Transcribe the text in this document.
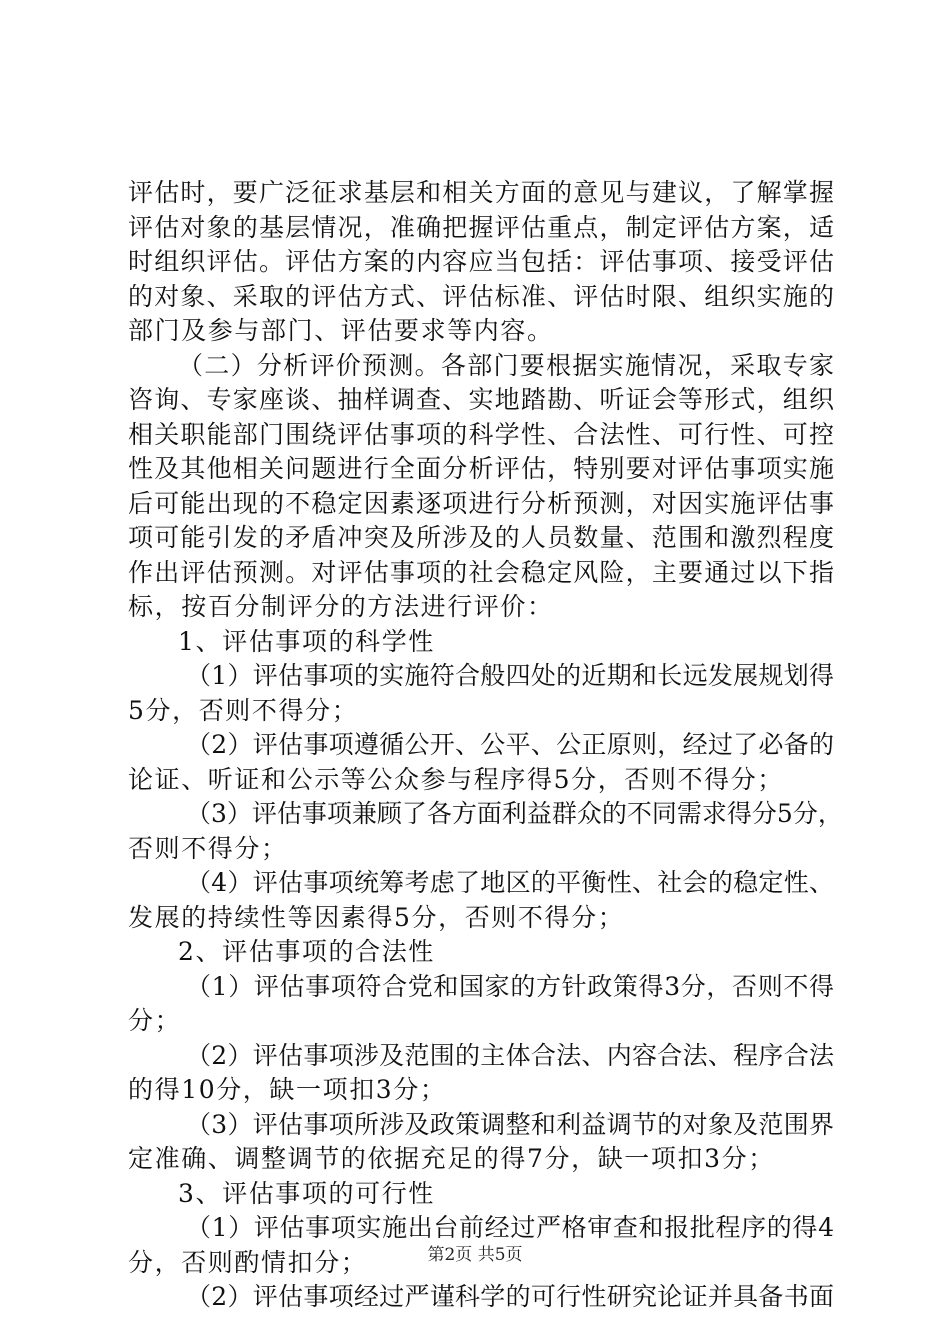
评估时，要广泛征求基层和相关方面的意见与建议，了解掌握
评估对象的基层情况，准确把握评估重点，制定评估方案，适
时组织评估。评估方案的内容应当包括：评估事项、接受评估
的对象、采取的评估方式、评估标准、评估时限、组织实施的
部门及参与部门、评估要求等内容。
（二）分析评价预测。各部门要根据实施情况，采取专家
咨询、专家座谈、抽样调查、实地踏勘、听证会等形式，组织
相关职能部门围绕评估事项的科学性、合法性、可行性、可控
性及其他相关问题进行全面分析评估，特别要对评估事项实施
后可能出现的不稳定因素逐项进行分析预测，对因实施评估事
项可能引发的矛盾冲突及所涉及的人员数量、范围和激烈程度
作出评估预测。对评估事项的社会稳定风险，主要通过以下指
标，按百分制评分的方法进行评价：
1、评估事项的科学性
（1）评估事项的实施符合般四处的近期和长远发展规划得
5分，否则不得分；
（2）评估事项遵循公开、公平、公正原则，经过了必备的
论证、听证和公示等公众参与程序得5分，否则不得分；
（3）评估事项兼顾了各方面利益群众的不同需求得分5分，
否则不得分；
（4）评估事项统筹考虑了地区的平衡性、社会的稳定性、
发展的持续性等因素得5分，否则不得分；
2、评估事项的合法性
（1）评估事项符合党和国家的方针政策得3分，否则不得
分；
（2）评估事项涉及范围的主体合法、内容合法、程序合法
的得10分，缺一项扣3分；
（3）评估事项所涉及政策调整和利益调节的对象及范围界
定准确、调整调节的依据充足的得7分，缺一项扣3分；
3、评估事项的可行性
（1）评估事项实施出台前经过严格审查和报批程序的得4
分，否则酌情扣分；
（2）评估事项经过严谨科学的可行性研究论证并具备书面
第2页 共5页
